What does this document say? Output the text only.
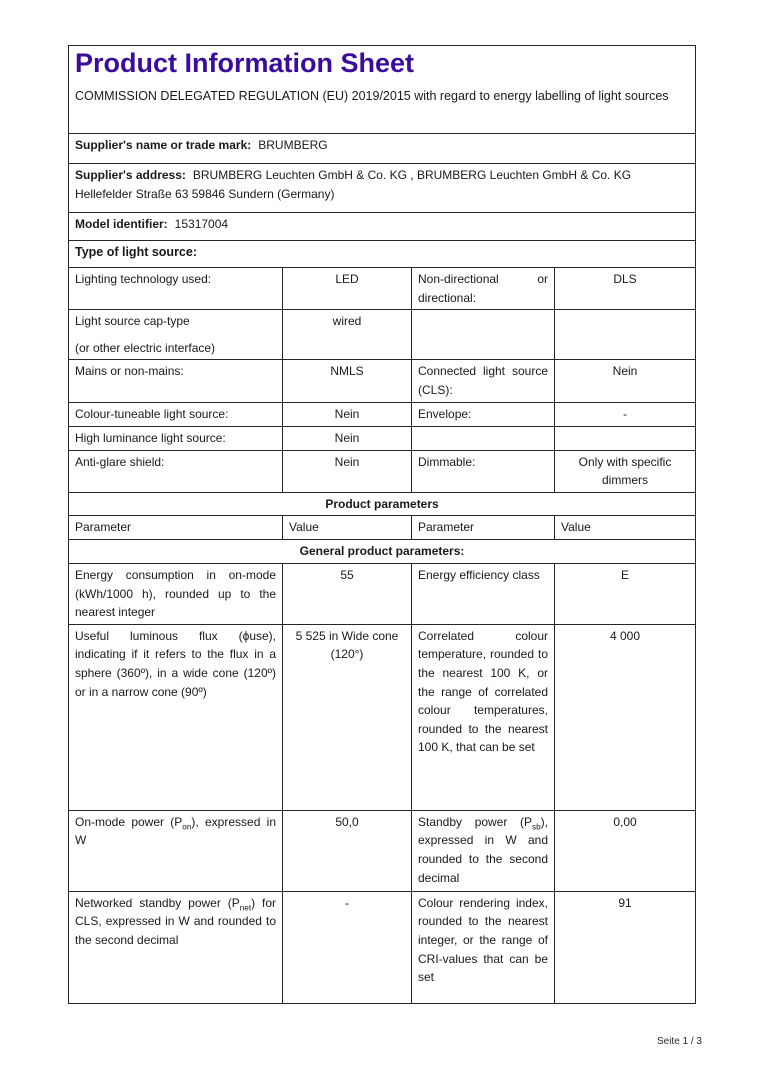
Product Information Sheet

COMMISSION DELEGATED REGULATION (EU) 2019/2015 with regard to energy labelling of light sources

Supplier's name or trade mark: BRUMBERG			
Supplier's address: BRUMBERG Leuchten GmbH & Co. KG , BRUMBERG Leuchten GmbH & Co. KG Hellefelder Straße 63 59846 Sundern (Germany)			
Model identifier: 15317004			
Type of light source:			
Lighting technology used:	LED	Non-directional or directional:	DLS
Light source cap-type
(or other electric interface)	wired		
Mains or non-mains:	NMLS	Connected light source (CLS):	Nein
Colour-tuneable light source:	Nein	Envelope:	-
High luminance light source:	Nein		
Anti-glare shield:	Nein	Dimmable:	Only with specific dimmers
Product parameters			
Parameter	Value	Parameter	Value
General product parameters:			
Energy consumption in on-mode (kWh/1000 h), rounded up to the nearest integer	55	Energy efficiency class	E
Useful luminous flux (ϕuse), indicating if it refers to the flux in a sphere (360º), in a wide cone (120º) or in a narrow cone (90º)	5 525 in Wide cone (120°)	Correlated colour temperature, rounded to the nearest 100 K, or the range of correlated colour temperatures, rounded to the nearest 100 K, that can be set	4 000
On-mode power $(P_{on})$, expressed in W	50,0	Standby power $(P_{sb})$, expressed in W and rounded to the second decimal	0,00
Networked standby power $(P_{net})$ for CLS, expressed in W and rounded to the second decimal	-	Colour rendering index, rounded to the nearest integer, or the range of CRI-values that can be set	91
Seite 1 / 3
